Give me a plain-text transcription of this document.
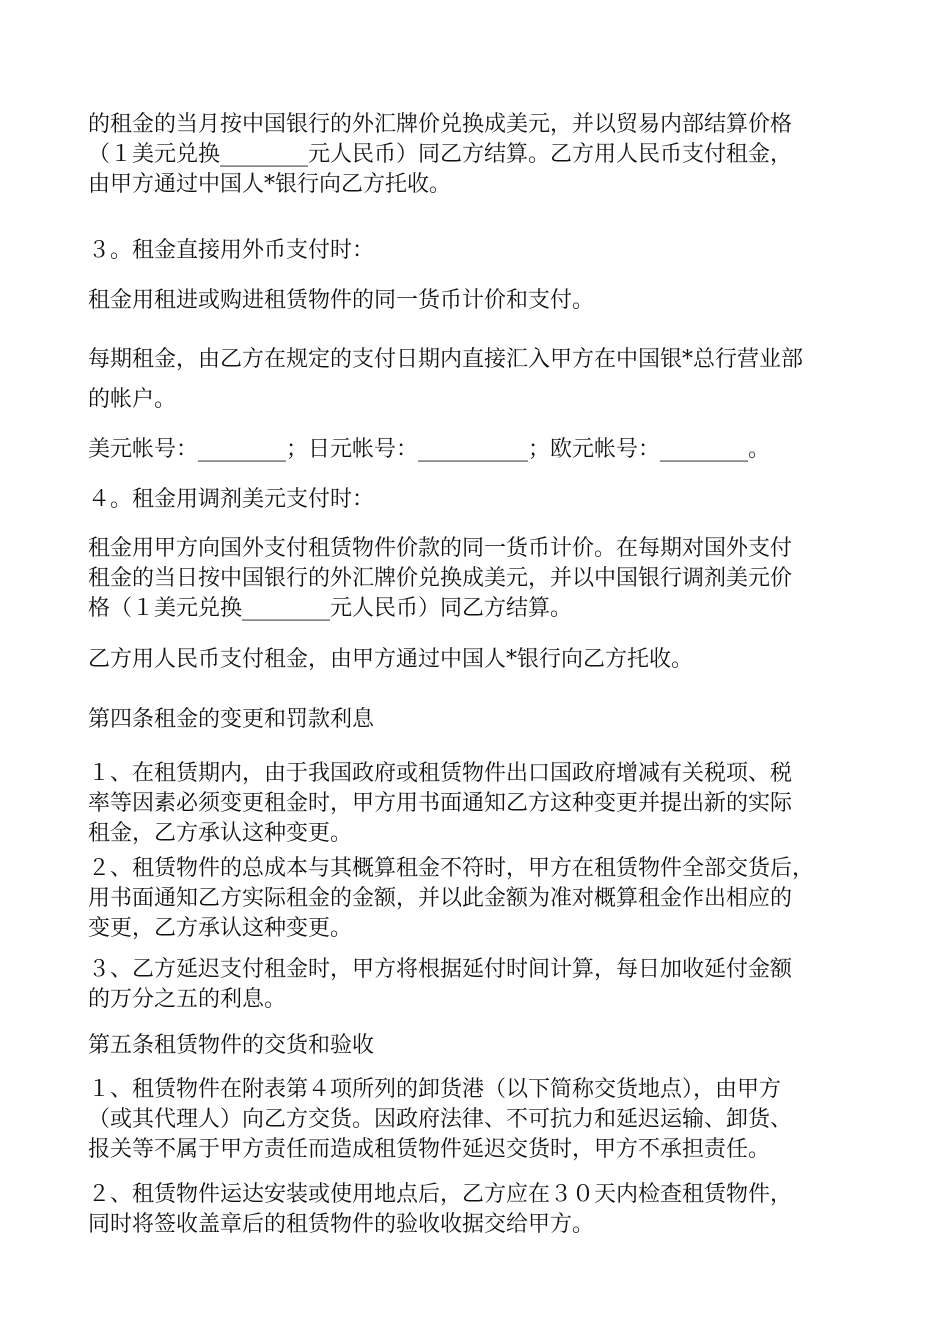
的租金的当月按中国银行的外汇牌价兑换成美元，并以贸易内部结算价格
（１美元兑换________元人民币）同乙方结算。乙方用人民币支付租金，
由甲方通过中国人*银行向乙方托收。

３。租金直接用外币支付时：

租金用租进或购进租赁物件的同一货币计价和支付。

每期租金，由乙方在规定的支付日期内直接汇入甲方在中国银*总行营业部

的帐户。

美元帐号：________；日元帐号：__________；欧元帐号：________。

４。租金用调剂美元支付时：

租金用甲方向国外支付租赁物件价款的同一货币计价。在每期对国外支付
租金的当日按中国银行的外汇牌价兑换成美元，并以中国银行调剂美元价
格（１美元兑换________元人民币）同乙方结算。

乙方用人民币支付租金，由甲方通过中国人*银行向乙方托收。

第四条租金的变更和罚款利息

１、在租赁期内，由于我国政府或租赁物件出口国政府增减有关税项、税
率等因素必须变更租金时，甲方用书面通知乙方这种变更并提出新的实际
租金，乙方承认这种变更。

２、租赁物件的总成本与其概算租金不符时，甲方在租赁物件全部交货后，
用书面通知乙方实际租金的金额，并以此金额为准对概算租金作出相应的
变更，乙方承认这种变更。

３、乙方延迟支付租金时，甲方将根据延付时间计算，每日加收延付金额
的万分之五的利息。

第五条租赁物件的交货和验收

１、租赁物件在附表第４项所列的卸货港（以下简称交货地点），由甲方
（或其代理人）向乙方交货。因政府法律、不可抗力和延迟运输、卸货、
报关等不属于甲方责任而造成租赁物件延迟交货时，甲方不承担责任。

２、租赁物件运达安装或使用地点后，乙方应在３０天内检查租赁物件，
同时将签收盖章后的租赁物件的验收收据交给甲方。
